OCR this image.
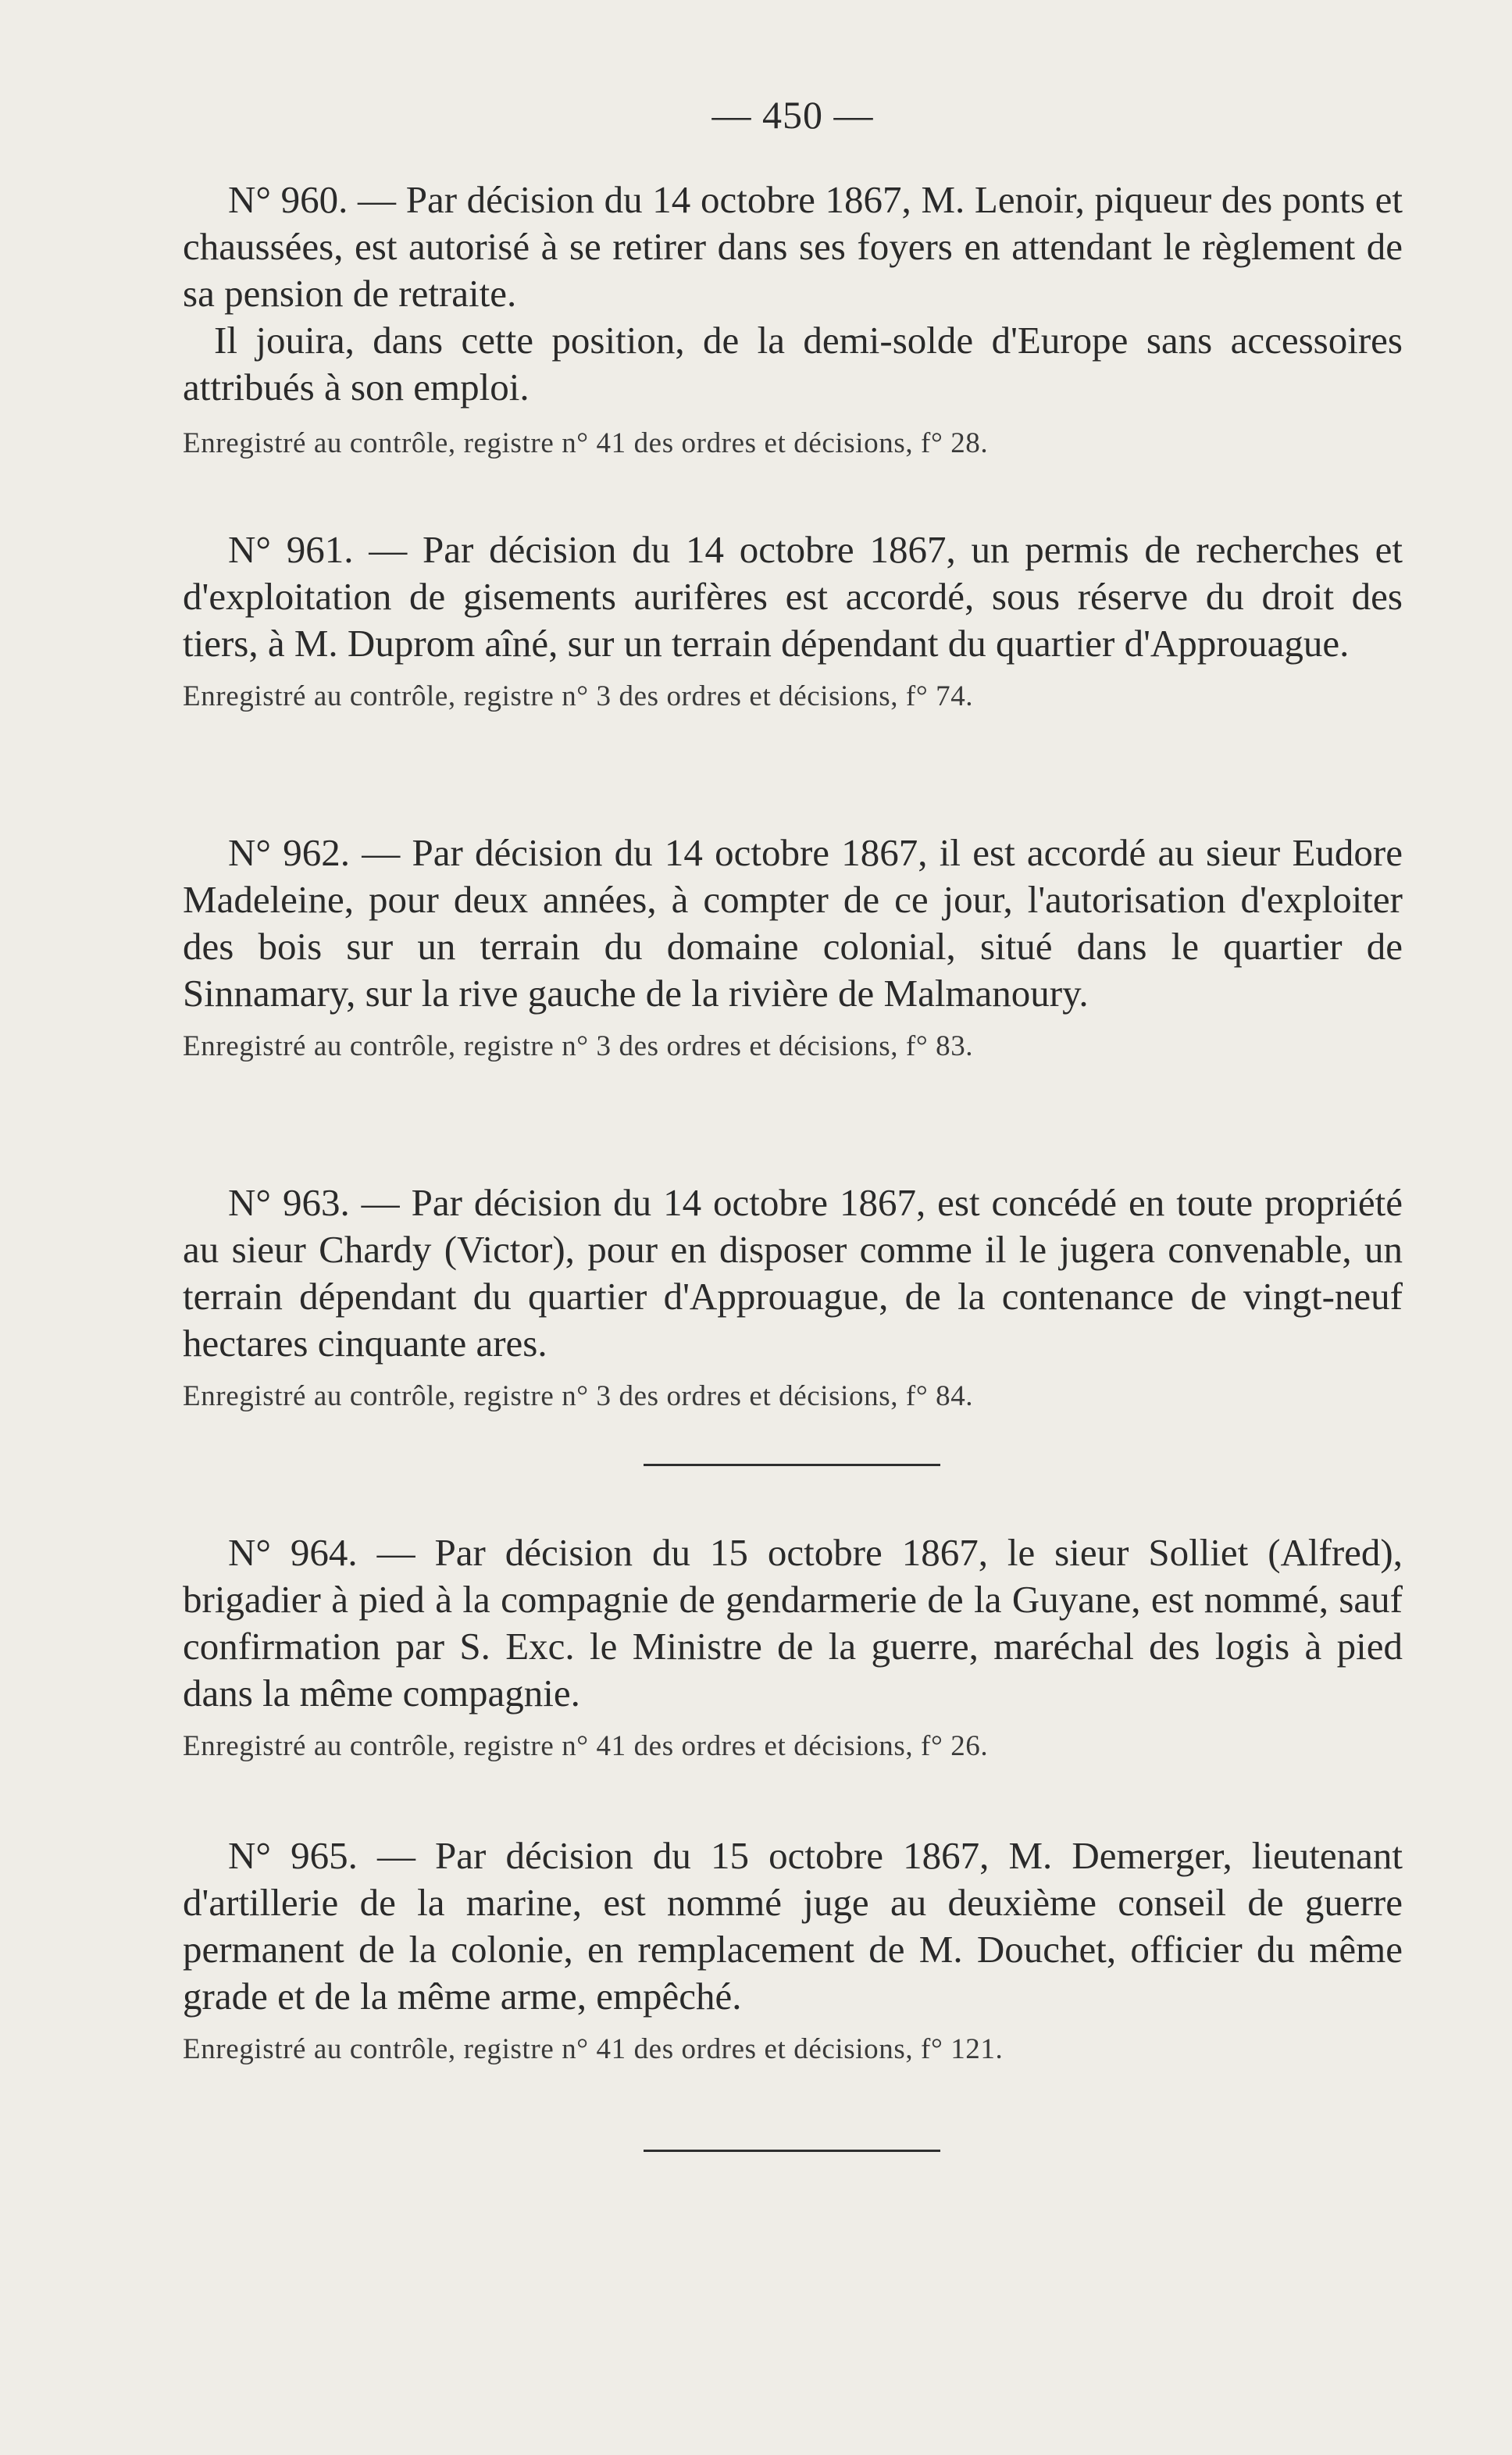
— 450 —

N° 960. — Par décision du 14 octobre 1867, M. Lenoir, piqueur des ponts et chaussées, est autorisé à se retirer dans ses foyers en attendant le règlement de sa pension de retraite.

Il jouira, dans cette position, de la demi-solde d'Europe sans accessoires attribués à son emploi.

Enregistré au contrôle, registre n° 41 des ordres et décisions, f° 28.

N° 961. — Par décision du 14 octobre 1867, un permis de recherches et d'exploitation de gisements aurifères est accordé, sous réserve du droit des tiers, à M. Duprom aîné, sur un terrain dépendant du quartier d'Approuague.

Enregistré au contrôle, registre n° 3 des ordres et décisions, f° 74.

N° 962. — Par décision du 14 octobre 1867, il est accordé au sieur Eudore Madeleine, pour deux années, à compter de ce jour, l'autorisation d'exploiter des bois sur un terrain du domaine colonial, situé dans le quartier de Sinnamary, sur la rive gauche de la rivière de Malmanoury.

Enregistré au contrôle, registre n° 3 des ordres et décisions, f° 83.

N° 963. — Par décision du 14 octobre 1867, est concédé en toute propriété au sieur Chardy (Victor), pour en disposer comme il le jugera convenable, un terrain dépendant du quartier d'Approuague, de la contenance de vingt-neuf hectares cinquante ares.

Enregistré au contrôle, registre n° 3 des ordres et décisions, f° 84.

N° 964. — Par décision du 15 octobre 1867, le sieur Solliet (Alfred), brigadier à pied à la compagnie de gendarmerie de la Guyane, est nommé, sauf confirmation par S. Exc. le Ministre de la guerre, maréchal des logis à pied dans la même compagnie.

Enregistré au contrôle, registre n° 41 des ordres et décisions, f° 26.

N° 965. — Par décision du 15 octobre 1867, M. Demerger, lieutenant d'artillerie de la marine, est nommé juge au deuxième conseil de guerre permanent de la colonie, en remplacement de M. Douchet, officier du même grade et de la même arme, empêché.

Enregistré au contrôle, registre n° 41 des ordres et décisions, f° 121.
